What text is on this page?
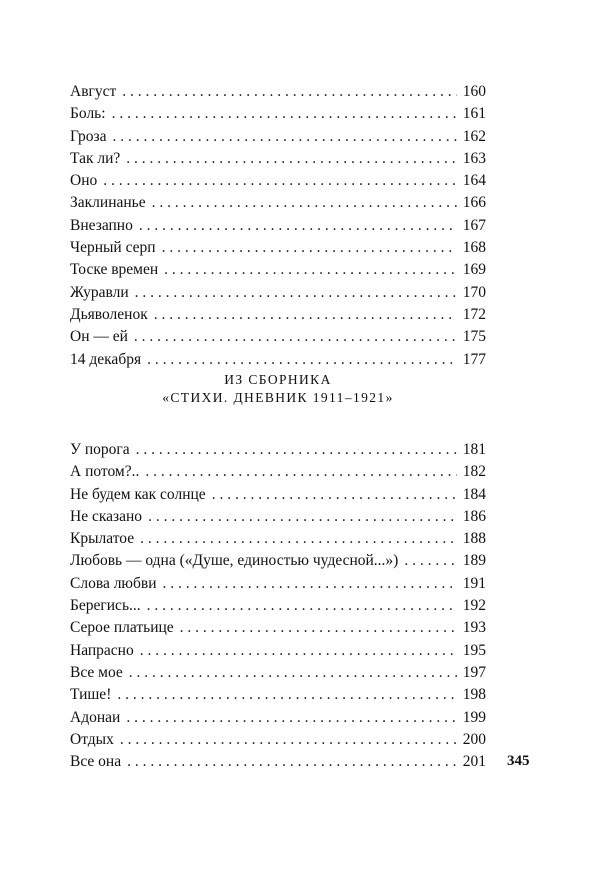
Август . . .	160
Боль: . . .	161
Гроза . . .	162
Так ли? . . .	163
Оно . . .	164
Заклинанье . . .	166
Внезапно . . .	167
Черный серп . . .	168
Тоске времен . . .	169
Журавли . . .	170
Дьяволенок . . .	172
Он — ей . . .	175
14 декабря . . .	177
ИЗ СБОРНИКА
«СТИХИ. ДНЕВНИК 1911–1921»
У порога . . .	181
А потом?.. . . .	182
Не будем как солнце . . .	184
Не сказано . . .	186
Крылатое . . .	188
Любовь — одна («Душе, единостью чудесной...») . . .	189
Слова любви . . .	191
Берегись... . . .	192
Серое платьице . . .	193
Напрасно . . .	195
Все мое . . .	197
Тише! . . .	198
Адонаи . . .	199
Отдых . . .	200
Все она . . .	201 345
